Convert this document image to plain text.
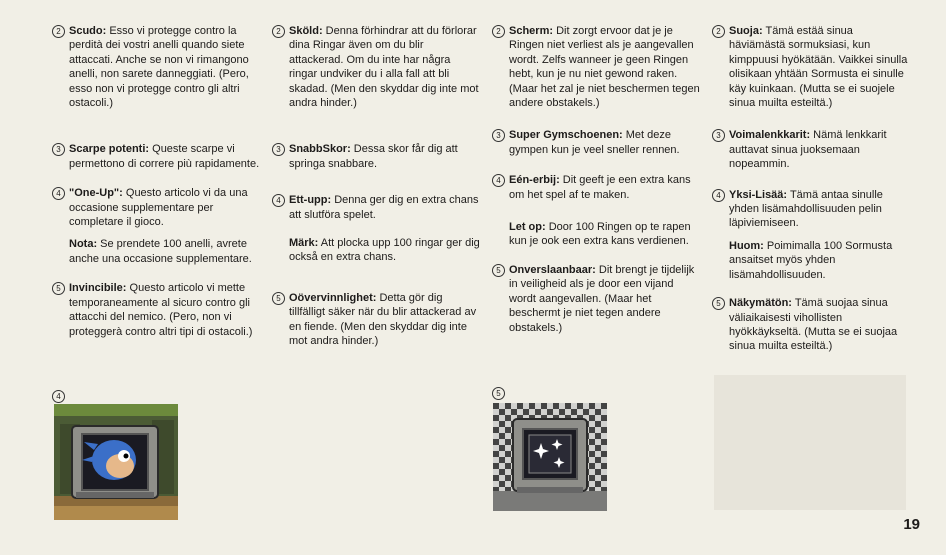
2 Scudo: Esso vi protegge contro la perdità dei vostri anelli quando siete attaccati. Anche se non vi rimangono anelli, non sarete danneggiati. (Pero, esso non vi protegge contro gli altri ostacoli.)
3 Scarpe potenti: Queste scarpe vi permettono di correre più rapidamente.
4 "One-Up": Questo articolo vi da una occasione supplementare per completare il gioco.
Nota: Se prendete 100 anelli, avrete anche una occasione supplementare.
5 Invincibile: Questo articolo vi mette temporaneamente al sicuro contro gli attacchi del nemico. (Pero, non vi proteggerà contro altri tipi di ostacoli.)
2 Sköld: Denna förhindrar att du förlorar dina Ringar även om du blir attackerad. Om du inte har några ringar undviker du i alla fall att bli skadad. (Men den skyddar dig inte mot andra hinder.)
3 SnabbSkor: Dessa skor får dig att springa snabbare.
4 Ett-upp: Denna ger dig en extra chans att slutföra spelet.
Märk: Att plocka upp 100 ringar ger dig också en extra chans.
5 Oövervinnlighet: Detta gör dig tillfälligt säker när du blir attackerad av en fiende. (Men den skyddar dig inte mot andra hinder.)
2 Scherm: Dit zorgt ervoor dat je je Ringen niet verliest als je aangevallen wordt. Zelfs wanneer je geen Ringen hebt, kun je nu niet gewond raken. (Maar het zal je niet beschermen tegen andere obstakels.)
3 Super Gymschoenen: Met deze gympen kun je veel sneller rennen.
4 Eén-erbij: Dit geeft je een extra kans om het spel af te maken.
Let op: Door 100 Ringen op te rapen kun je ook een extra kans verdienen.
5 Onverslaanbaar: Dit brengt je tijdelijk in veiligheid als je door een vijand wordt aangevallen. (Maar het beschermt je niet tegen andere obstakels.)
2 Suoja: Tämä estää sinua häviämästä sormuksiasi, kun kimppuusi hyökätään. Vaikkei sinulla olisikaan yhtään Sormusta ei sinulle käy kuinkaan. (Mutta se ei suojele sinua muilta esteiltä.)
3 Voimalenkkarit: Nämä lenkkarit auttavat sinua juoksemaan nopeammin.
4 Yksi-Lisää: Tämä antaa sinulle yhden lisämahdollisuuden pelin läpiviemiseen.
Huom: Poimimalla 100 Sormusta ansaitset myös yhden lisämahdollisuuden.
5 Näkymätön: Tämä suojaa sinua väliaikaisesti vihollisten hyökkäykseltä. (Mutta se ei suojaa sinua muilta esteiltä.)
4	5
19
